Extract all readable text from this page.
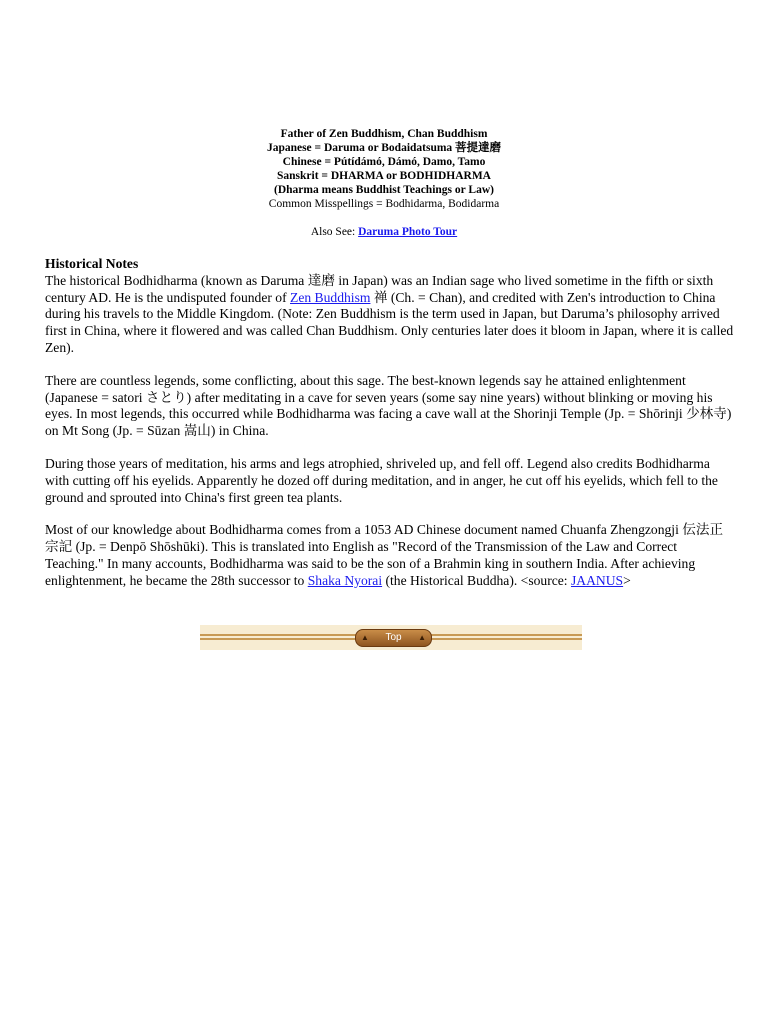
Father of Zen Buddhism, Chan Buddhism
Japanese = Daruma or Bodaidatsuma 菩提達磨
Chinese = Pútídámó, Dámó, Damo, Tamo
Sanskrit = DHARMA or BODHIDHARMA
(Dharma means Buddhist Teachings or Law)
Common Misspellings = Bodhidarma, Bodidarma
Also See: Daruma Photo Tour
Historical Notes

The historical Bodhidharma (known as Daruma 達磨 in Japan) was an Indian sage who lived sometime in the fifth or sixth century AD. He is the undisputed founder of Zen Buddhism 禅 (Ch. = Chan), and credited with Zen's introduction to China during his travels to the Middle Kingdom. (Note: Zen Buddhism is the term used in Japan, but Daruma’s philosophy arrived first in China, where it flowered and was called Chan Buddhism. Only centuries later does it bloom in Japan, where it is called Zen).

There are countless legends, some conflicting, about this sage. The best-known legends say he attained enlightenment (Japanese = satori さとり) after meditating in a cave for seven years (some say nine years) without blinking or moving his eyes. In most legends, this occurred while Bodhidharma was facing a cave wall at the Shorinji Temple (Jp. = Shōrinji 少林寺) on Mt Song (Jp. = Sūzan 嵩山) in China.

During those years of meditation, his arms and legs atrophied, shriveled up, and fell off. Legend also credits Bodhidharma with cutting off his eyelids. Apparently he dozed off during meditation, and in anger, he cut off his eyelids, which fell to the ground and sprouted into China's first green tea plants.

Most of our knowledge about Bodhidharma comes from a 1053 AD Chinese document named Chuanfa Zhengzongji 伝法正宗記 (Jp. = Denpō Shōshūki). This is translated into English as "Record of the Transmission of the Law and Correct Teaching." In many accounts, Bodhidharma was said to be the son of a Brahmin king in southern India. After achieving enlightenment, he became the 28th successor to Shaka Nyorai (the Historical Buddha). <source: JAANUS>

▲ Top ▲
